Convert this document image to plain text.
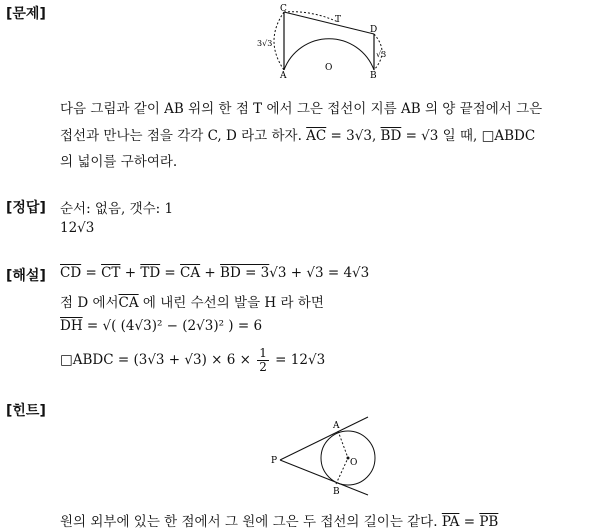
[문제]	C
T
D
A	B
O
3√3
√3
다음 그림과 같이 AB 위의 한 점 T 에서 그은 접선이 지름 AB 의 양 끝점에서 그은
접선과 만나는 점을 각각 C, D 라고 하자. $\overline{AC} = 3√3$, $\overline{BD} = √3$ 일 때, □ABDC
의 넓이를 구하여라.
[정답] 순서: 없음, 갯수: 1
12√3
[해설] $\overline{CD} = \overline{CT} + \overline{TD} = \overline{CA}$ + BD = 3√3 + √3 = 4√3
점 D 에서$\overline{CA}$ 에 내린 수선의 발을 H 라 하면
$\overline{DH}$ = √( (4√3)² − (2√3)² ) = 6
□ABDC = $(3√3 + √3) \times 6 \times \frac{1}{2} = 12√3$
[힌트]
A
P	O
B
원의 외부에 있는 한 점에서 그 원에 그은 두 접선의 길이는 같다. $\overline{PA} = \overline{PB}$
